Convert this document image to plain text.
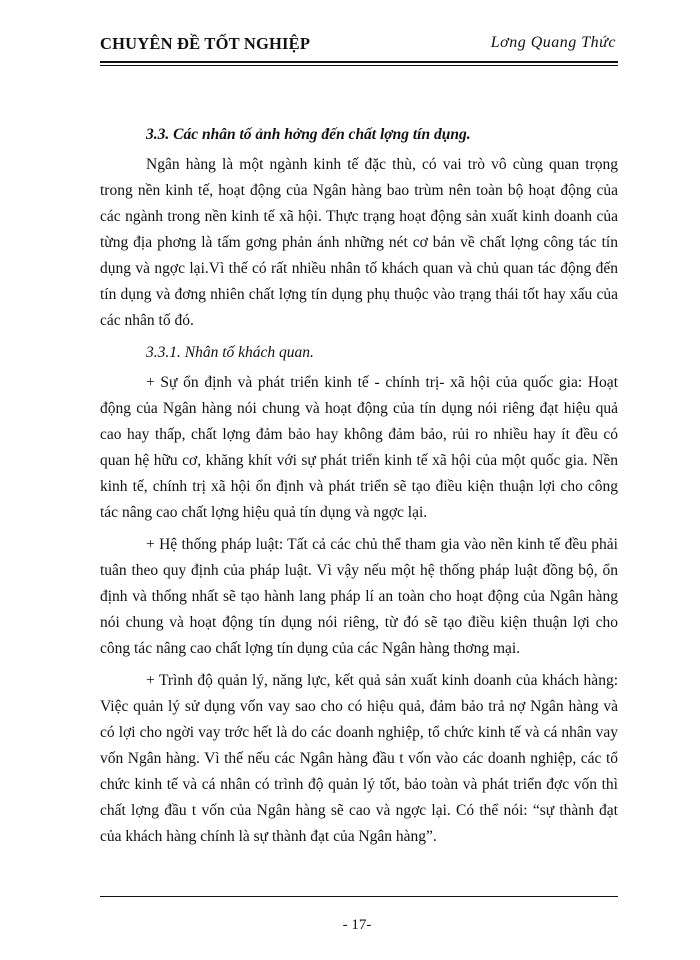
CHUYÊN ĐỀ TỐT NGHIỆP	Lơng Quang Thức
3.3. Các nhân tố ảnh hởng đến chất lợng tín dụng.

Ngân hàng là một ngành kinh tế đặc thù, có vai trò vô cùng quan trọng trong nền kinh tế, hoạt động của Ngân hàng bao trùm nên toàn bộ hoạt động của các ngành trong nền kinh tế xã hội. Thực trạng hoạt động sản xuất kinh doanh của từng địa phơng là tấm gơng phản ánh những nét cơ bản về chất lợng công tác tín dụng và ngợc lại.Vì thế có rất nhiều nhân tố khách quan và chủ quan tác động đến tín dụng và đơng nhiên chất lợng tín dụng phụ thuộc vào trạng thái tốt hay xấu của các nhân tố đó.

3.3.1. Nhân tố khách quan.

+ Sự ổn định và phát triển kinh tế - chính trị- xã hội của quốc gia: Hoạt động của Ngân hàng nói chung và hoạt động của tín dụng nói riêng đạt hiệu quả cao hay thấp, chất lợng đảm bảo hay không đảm bảo, rủi ro nhiều hay ít đều có quan hệ hữu cơ, khăng khít với sự phát triển kinh tế xã hội của một quốc gia. Nền kinh tế, chính trị xã hội ổn định và phát triển sẽ tạo điều kiện thuận lợi cho công tác nâng cao chất lợng hiệu quả tín dụng và ngợc lại.

+ Hệ thống pháp luật: Tất cả các chủ thể tham gia vào nền kinh tế đều phải tuân theo quy định của pháp luật. Vì vậy nếu một hệ thống pháp luật đồng bộ, ổn định và thống nhất sẽ tạo hành lang pháp lí an toàn cho hoạt động của Ngân hàng nói chung và hoạt động tín dụng nói riêng, từ đó sẽ tạo điều kiện thuận lợi cho công tác nâng cao chất lợng tín dụng của các Ngân hàng thơng mại.

+ Trình độ quản lý, năng lực, kết quả sản xuất kinh doanh của khách hàng: Việc quản lý sử dụng vốn vay sao cho có hiệu quả, đảm bảo trả nợ Ngân hàng và có lợi cho ngời vay trớc hết là do các doanh nghiệp, tổ chức kinh tế và cá nhân vay vốn Ngân hàng. Vì thế nếu các Ngân hàng đầu t vốn vào các doanh nghiệp, các tổ chức kinh tế và cá nhân có trình độ quản lý tốt, bảo toàn và phát triển đợc vốn thì chất lợng đầu t vốn của Ngân hàng sẽ cao và ngợc lại. Có thể nói: “sự thành đạt của khách hàng chính là sự thành đạt của Ngân hàng”.

- 17-
